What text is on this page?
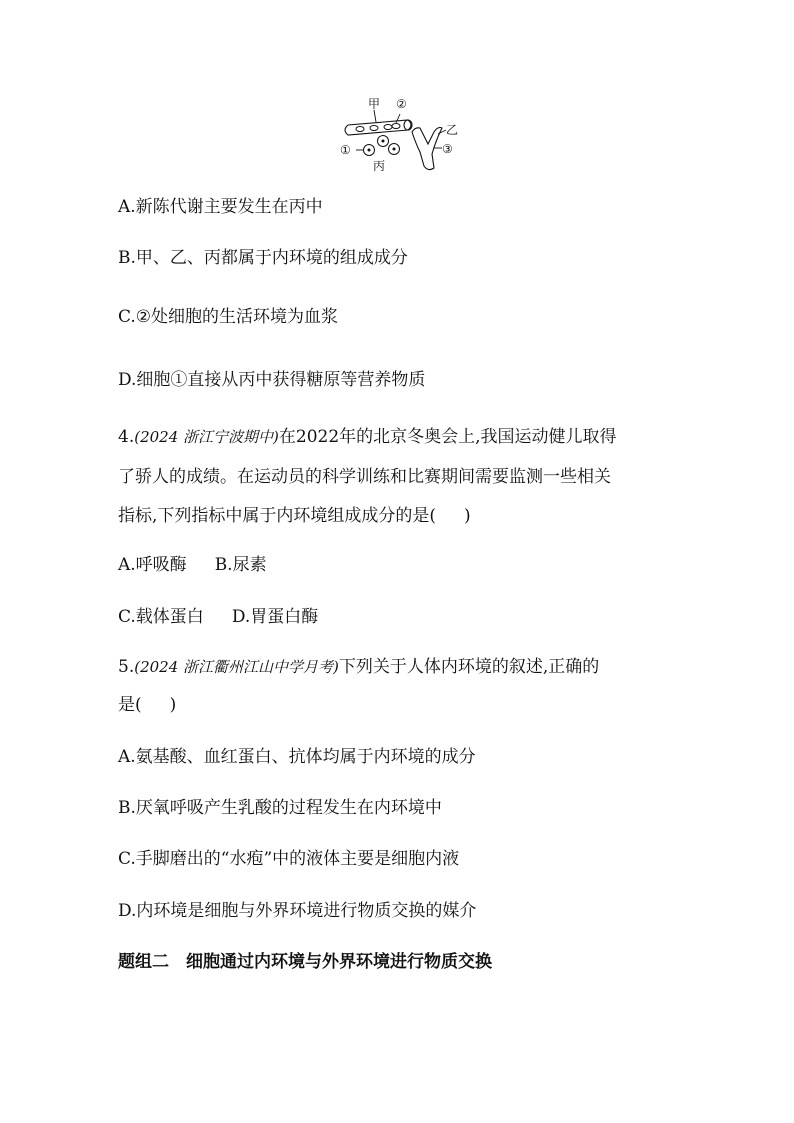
甲 ②
乙
①	③
丙
A.新陈代谢主要发生在丙中
B.甲、乙、丙都属于内环境的组成成分
C.②处细胞的生活环境为血浆
D.细胞①直接从丙中获得糖原等营养物质
4.(2024 浙江宁波期中)在2022年的北京冬奥会上,我国运动健儿取得
了骄人的成绩。在运动员的科学训练和比赛期间需要监测一些相关
指标,下列指标中属于内环境组成成分的是( )
A.呼吸酶 B.尿素
C.载体蛋白 D.胃蛋白酶
5.(2024 浙江衢州江山中学月考)下列关于人体内环境的叙述,正确的
是( )
A.氨基酸、血红蛋白、抗体均属于内环境的成分
B.厌氧呼吸产生乳酸的过程发生在内环境中
C.手脚磨出的“水疱”中的液体主要是细胞内液
D.内环境是细胞与外界环境进行物质交换的媒介
题组二　细胞通过内环境与外界环境进行物质交换
